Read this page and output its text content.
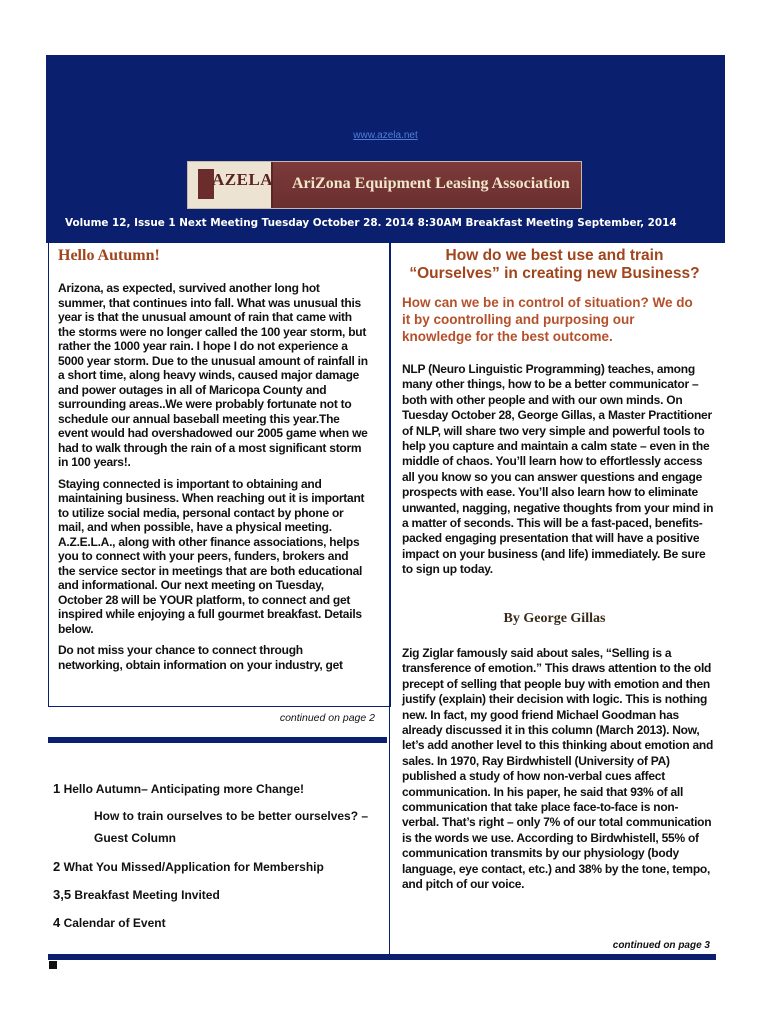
www.azela.net
AZELA AriZona Equipment Leasing Association
Volume 12, Issue 1 Next Meeting Tuesday October 28. 2014 8:30AM Breakfast Meeting September, 2014
Hello Autumn!

Arizona, as expected, survived another long hot summer, that continues into fall. What was unusual this year is that the unusual amount of rain that came with the storms were no longer called the 100 year storm, but rather the 1000 year rain. I hope I do not experience a 5000 year storm. Due to the unusual amount of rainfall in a short time, along heavy winds, caused major damage and power outages in all of Maricopa County and surrounding areas..We were probably fortunate not to schedule our annual baseball meeting this year.The event would had overshadowed our 2005 game when we had to walk through the rain of a most significant storm in 100 years!.

Staying connected is important to obtaining and maintaining business. When reaching out it is important to utilize social media, personal contact by phone or mail, and when possible, have a physical meeting. A.Z.E.L.A., along with other finance associations, helps you to connect with your peers, funders, brokers and the service sector in meetings that are both educational and informational. Our next meeting on Tuesday, October 28 will be YOUR platform, to connect and get inspired while enjoying a full gourmet breakfast. Details below.

Do not miss your chance to connect through networking, obtain information on your industry, get

continued on page 2
1 Hello Autumn– Anticipating more Change!
How to train ourselves to be better ourselves? – Guest Column
2 What You Missed/Application for Membership
3,5 Breakfast Meeting Invited
4 Calendar of Event
How do we best use and train “Ourselves” in creating new Business?
How can we be in control of situation? We do it by coontrolling and purposing our knowledge for the best outcome.
NLP (Neuro Linguistic Programming) teaches, among many other things, how to be a better communicator – both with other people and with our own minds. On Tuesday October 28, George Gillas, a Master Practitioner of NLP, will share two very simple and powerful tools to help you capture and maintain a calm state – even in the middle of chaos. You’ll learn how to effortlessly access all you know so you can answer questions and engage prospects with ease. You’ll also learn how to eliminate unwanted, nagging, negative thoughts from your mind in a matter of seconds. This will be a fast-paced, benefits-packed engaging presentation that will have a positive impact on your business (and life) immediately. Be sure to sign up today.
By George Gillas
Zig Ziglar famously said about sales, “Selling is a transference of emotion.” This draws attention to the old precept of selling that people buy with emotion and then justify (explain) their decision with logic. This is nothing new. In fact, my good friend Michael Goodman has already discussed it in this column (March 2013). Now, let’s add another level to this thinking about emotion and sales. In 1970, Ray Birdwhistell (University of PA) published a study of how non-verbal cues affect communication. In his paper, he said that 93% of all communication that take place face-to-face is non-verbal. That’s right – only 7% of our total communication is the words we use. According to Birdwhistell, 55% of communication transmits by our physiology (body language, eye contact, etc.) and 38% by the tone, tempo, and pitch of our voice.
continued on page 3
